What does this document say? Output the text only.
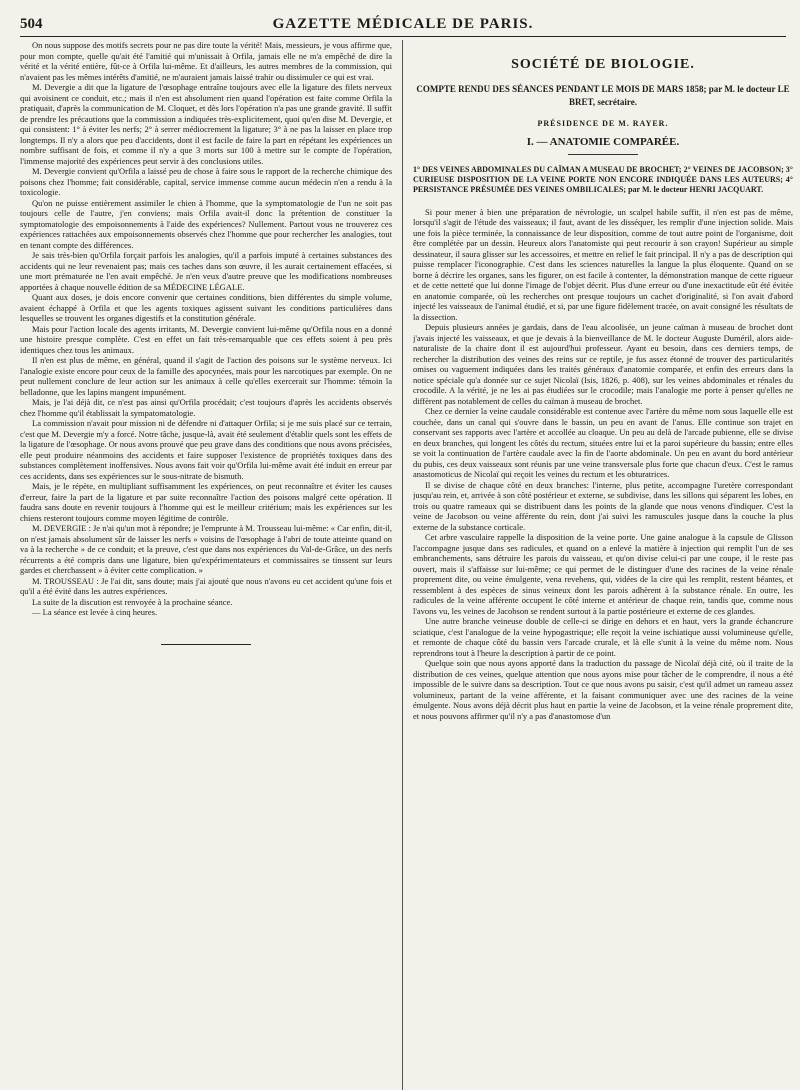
504	GAZETTE MÉDICALE DE PARIS.

On nous suppose des motifs secrets pour ne pas dire toute la vérité! Mais, messieurs, je vous affirme que, pour mon compte, quelle qu'ait été l'amitié qui m'unissait à Orfila, jamais elle ne m'a empêché de dire la vérité et la vérité entière, fût-ce à Orfila lui-même. Et d'ailleurs, les autres membres de la commission, qui n'avaient pas les mêmes intérêts d'amitié, ne m'auraient jamais laissé trahir ou dissimuler ce qui est vrai.

M. Devergie a dit que la ligature de l'œsophage entraîne toujours avec elle la ligature des filets nerveux qui avoisinent ce conduit, etc.; mais il n'en est absolument rien quand l'opération est faite comme Orfila la pratiquait, d'après la communication de M. Cloquet, et dès lors l'opération n'a pas une grande gravité. Il suffit de prendre les précautions que la commission a indiquées très-explicitement, quoi qu'en dise M. Devergie, et qui consistent: 1° à éviter les nerfs; 2° à serrer médiocrement la ligature; 3° à ne pas la laisser en place trop longtemps. Il n'y a alors que peu d'accidents, dont il est facile de faire la part en répétant les expériences un nombre suffisant de fois, et comme il n'y a que 3 morts sur 100 à mettre sur le compte de l'opération, l'immense majorité des expériences peut servir à des conclusions utiles.

M. Devergie convient qu'Orfila a laissé peu de chose à faire sous le rapport de la recherche chimique des poisons chez l'homme; fait considérable, capital, service immense comme aucun médecin n'en a rendu à la toxicologie.

Qu'on ne puisse entièrement assimiler le chien à l'homme, que la symptomatologie de l'un ne soit pas toujours celle de l'autre, j'en conviens; mais Orfila avait-il donc la prétention de constituer la symptomatologie des empoisonnements à l'aide des expériences? Nullement. Partout vous ne trouverez ces expériences rattachées aux empoisonnements observés chez l'homme que pour rechercher les analogies, tout en tenant compte des différences.

Je sais très-bien qu'Orfila forçait parfois les analogies, qu'il a parfois imputé à certaines substances des accidents qui ne leur revenaient pas; mais ces taches dans son œuvre, il les aurait certainement effacées, si une mort prématurée ne l'en avait empêché. Je n'en veux d'autre preuve que les modifications nombreuses apportées à chaque nouvelle édition de sa MÉDECINE LÉGALE.

Quant aux doses, je dois encore convenir que certaines conditions, bien différentes du simple volume, avaient échappé à Orfila et que les agents toxiques agissent suivant les conditions particulières dans lesquelles se trouvent les organes digestifs et la constitution générale.

Mais pour l'action locale des agents irritants, M. Devergie convient lui-même qu'Orfila nous en a donné une histoire presque complète. C'est en effet un fait très-remarquable que ces effets soient à peu près identiques chez tous les animaux.

Il n'en est plus de même, en général, quand il s'agit de l'action des poisons sur le système nerveux. Ici l'analogie existe encore pour ceux de la famille des apocynées, mais pour les narcotiques par exemple. On ne peut nullement conclure de leur action sur les animaux à celle qu'elles exercerait sur l'homme: témoin la belladonne, que les lapins mangent impunément.

Mais, je l'ai déjà dit, ce n'est pas ainsi qu'Orfila procédait; c'est toujours d'après les accidents observés chez l'homme qu'il établissait la sympatomatologie.

La commission n'avait pour mission ni de défendre ni d'attaquer Orfila; si je me suis placé sur ce terrain, c'est que M. Devergie m'y a forcé. Notre tâche, jusque-là, avait été seulement d'établir quels sont les effets de la ligature de l'œsophage. Or nous avons prouvé que peu grave dans des conditions que nous avons précisées, elle peut produire néanmoins des accidents et faire supposer l'existence de propriétés toxiques dans des substances complètement inoffensives. Nous avons fait voir qu'Orfila lui-même avait été induit en erreur par ces accidents, dans ses expériences sur le sous-nitrate de bismuth.

Mais, je le répète, en multipliant suffisamment les expériences, on peut reconnaître et éviter les causes d'erreur, faire la part de la ligature et par suite reconnaître l'action des poisons malgré cette opération. Il faudra sans doute en revenir toujours à l'homme qui est le meilleur critérium; mais les expériences sur les chiens resteront toujours comme moyen légitime de contrôle.

M. DEVERGIE : Je n'ai qu'un mot à répondre; je l'emprunte à M. Trousseau lui-même: « Car enfin, dit-il, on n'est jamais absolument sûr de laisser les nerfs » voisins de l'œsophage à l'abri de toute atteinte quand on va à la recherche » de ce conduit; et la preuve, c'est que dans nos expériences du Val-de-Grâce, un des nerfs récurrents a été compris dans une ligature, bien qu'expérimentateurs et commissaires se tinssent sur leurs gardes et cherchassent » à éviter cette complication. »

M. TROUSSEAU : Je l'ai dit, sans doute; mais j'ai ajouté que nous n'avons eu cet accident qu'une fois et qu'il a été évité dans les autres expériences.

La suite de la discution est renvoyée à la prochaine séance.

— La séance est levée à cinq heures.

SOCIÉTÉ DE BIOLOGIE.
COMPTE RENDU DES SÉANCES PENDANT LE MOIS DE MARS 1858; par M. le docteur LE BRET, secrétaire.
PRÉSIDENCE DE M. RAYER.
I. — ANATOMIE COMPARÉE.
1° DES VEINES ABDOMINALES DU CAÏMAN A MUSEAU DE BROCHET; 2° VEINES DE JACOBSON; 3° CURIEUSE DISPOSITION DE LA VEINE PORTE NON ENCORE INDIQUÉE DANS LES AUTEURS; 4° PERSISTANCE PRÉSUMÉE DES VEINES OMBILICALES; par M. le docteur HENRI JACQUART.

Si pour mener à bien une préparation de névrologie, un scalpel habile suffit, il n'en est pas de même, lorsqu'il s'agit de l'étude des vaisseaux; il faut, avant de les disséquer, les remplir d'une injection solide. Mais une fois la pièce terminée, la connaissance de leur disposition, comme de tout autre point de l'organisme, doit être complétée par un dessin. Heureux alors l'anatomiste qui peut recourir à son crayon! Supérieur au simple dessinateur, il saura glisser sur les accessoires, et mettre en relief le fait principal. Il n'y a pas de description qui puisse remplacer l'iconographie. C'est dans les sciences naturelles la langue la plus éloquente. Quand on se borne à décrire les organes, sans les figurer, on est facile à contenter, la démonstration manque de cette rigueur et de cette netteté que lui donne l'image de l'objet décrit. Plus d'une erreur ou d'une inexactitude eût été évitée en anatomie comparée, où les recherches ont presque toujours un cachet d'originalité, si l'on avait d'abord injecté les vaisseaux de l'animal étudié, et si, par une figure fidèlement tracée, on avait consigné les résultats de la dissection.

Depuis plusieurs années je gardais, dans de l'eau alcoolisée, un jeune caïman à museau de brochet dont j'avais injecté les vaisseaux, et que je devais à la bienveillance de M. le docteur Auguste Duméril, alors aide-naturaliste de la chaire dont il est aujourd'hui professeur. Ayant eu besoin, dans ces derniers temps, de rechercher la distribution des veines des reins sur ce reptile, je fus assez étonné de trouver des particularités omises ou vaguement indiquées dans les traités généraux d'anatomie comparée, et enfin des erreurs dans la notice spéciale qu'a donnée sur ce sujet Nicolaï (Isis, 1826, p. 408), sur les veines abdominales et rénales du crocodile. A la vérité, je ne les ai pas étudiées sur le crocodile; mais l'analogie me porte à penser qu'elles ne diffèrent pas notablement de celles du caïman à museau de brochet.

Chez ce dernier la veine caudale considérable est contenue avec l'artère du même nom sous laquelle elle est couchée, dans un canal qui s'ouvre dans le bassin, un peu en avant de l'anus. Elle continue son trajet en conservant ses rapports avec l'artère et accollée au cloaque. Un peu au delà de l'arcade pubienne, elle se divise en deux branches, qui longent les côtés du rectum, situées entre lui et la paroi supérieure du bassin; entre elles se voit la continuation de l'artère caudale avec la fin de l'aorte abdominale. Un peu en avant du bord antérieur du pubis, ces deux vaisseaux sont réunis par une veine transversale plus forte que chacun d'eux. C'est le ramus anastomoticus de Nicolaï qui reçoit les veines du rectum et les obturatrices.

Il se divise de chaque côté en deux branches: l'interne, plus petite, accompagne l'uretère correspondant jusqu'au rein, et, arrivée à son côté postérieur et externe, se subdivise, dans les sillons qui séparent les lobes, en trois ou quatre rameaux qui se distribuent dans les points de la glande que nous venons d'indiquer. C'est la veine de Jacobson ou veine afférente du rein, dont j'ai suivi les ramuscules jusque dans la couche la plus externe de la substance corticale.

Cet arbre vasculaire rappelle la disposition de la veine porte. Une gaine analogue à la capsule de Glisson l'accompagne jusque dans ses radicules, et quand on a enlevé la matière à injection qui remplit l'un de ses embranchements, sans détruire les parois du vaisseau, et qu'on divise celui-ci par une coupe, il le reste pas ouvert, mais il s'affaisse sur lui-même; ce qui permet de le distinguer d'une des racines de la veine rénale proprement dite, ou veine émulgente, vena revehens, qui, vidées de la cire qui les remplit, restent béantes, et ressemblent à des espèces de sinus veineux dont les parois adhèrent à la substance rénale. En outre, les radicules de la veine afférente occupent le côté interne et antérieur de chaque rein, tandis que, comme nous l'avons vu, les veines de Jacobson se rendent surtout à la partie postérieure et externe de ces glandes.

Une autre branche veineuse double de celle-ci se dirige en dehors et en haut, vers la grande échancrure sciatique, c'est l'analogue de la veine hypogastrique; elle reçoit la veine ischiatique aussi volumineuse qu'elle, et remonte de chaque côté du bassin vers l'arcade crurale, et là elle s'unit à la veine du même nom. Nous reprendrons tout à l'heure la description à partir de ce point.

Quelque soin que nous ayons apporté dans la traduction du passage de Nicolaï déjà cité, où il traite de la distribution de ces veines, quelque attention que nous ayons mise pour tâcher de le comprendre, il nous a été impossible de le suivre dans sa description. Tout ce que nous avons pu saisir, c'est qu'il admet un rameau assez volumineux, partant de la veine afférente, et la faisant communiquer avec une des racines de la veine émulgente. Nous avons déjà décrit plus haut en partie la veine de Jacobson, et la veine rénale proprement dite, et nous pouvons affirmer qu'il n'y a pas d'anastomose d'un
